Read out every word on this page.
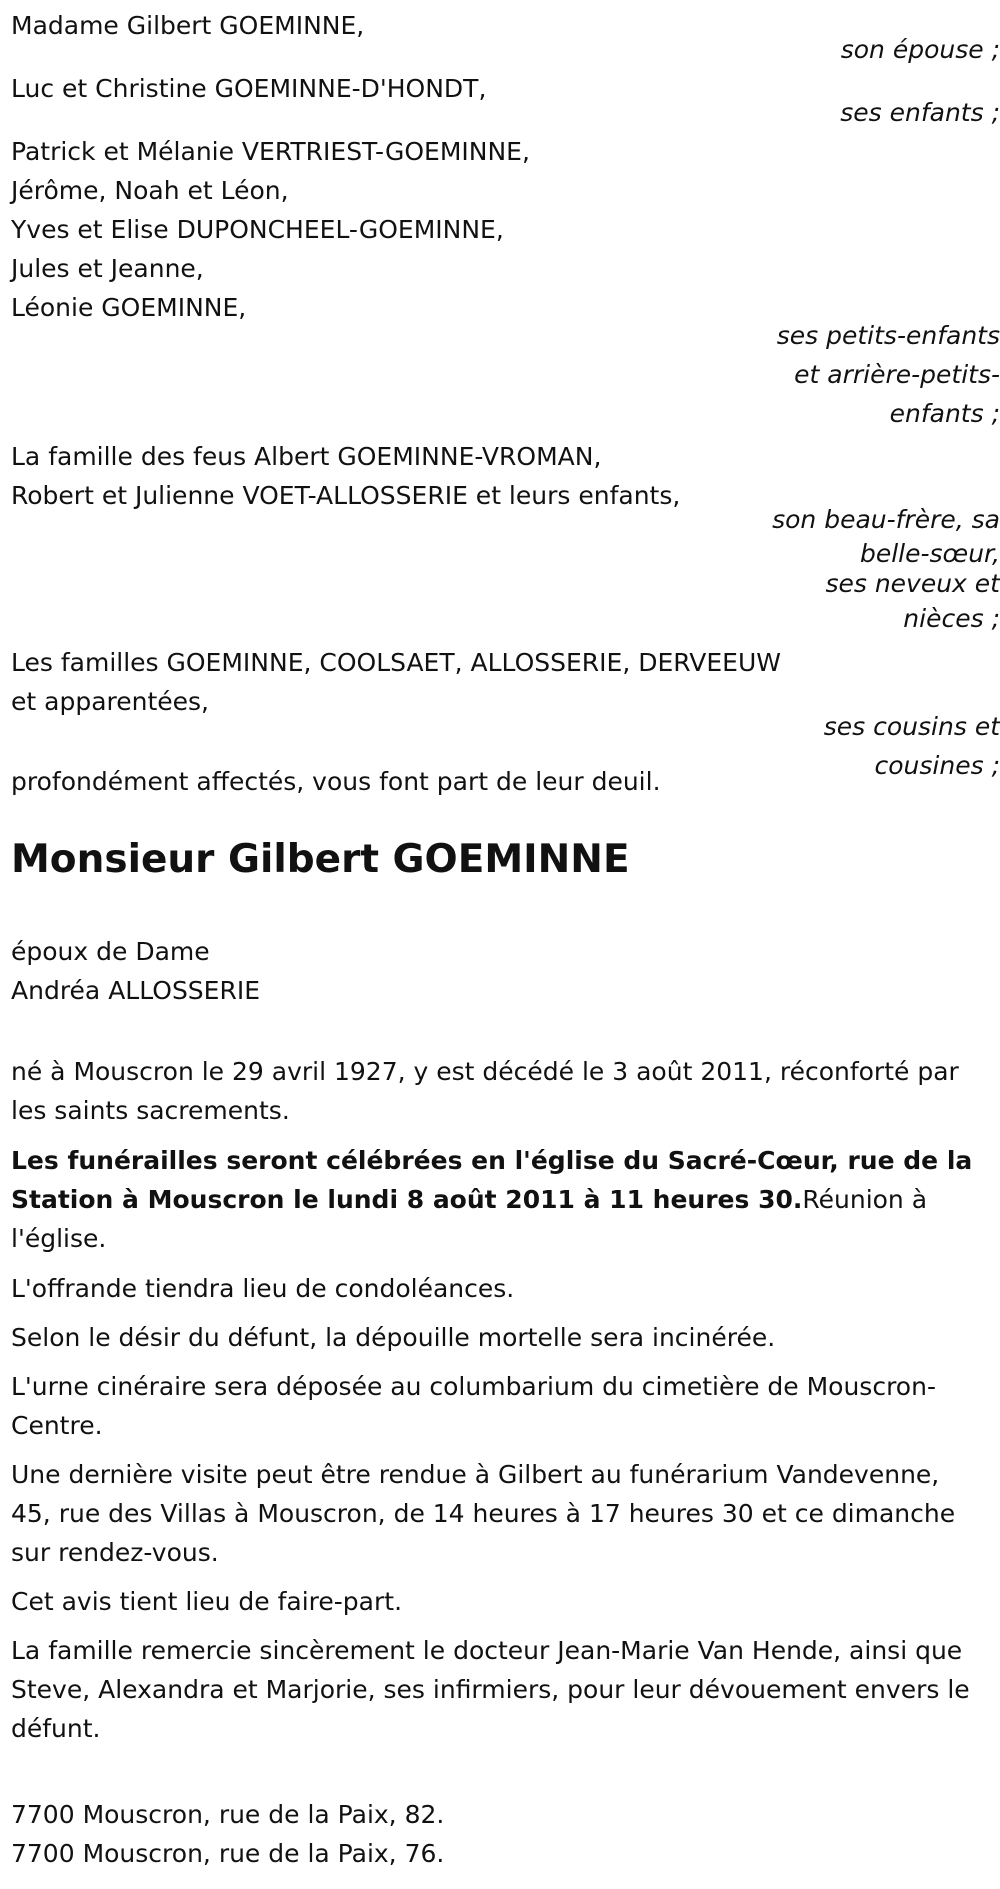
Madame Gilbert GOEMINNE,
son épouse ;
Luc et Christine GOEMINNE-D'HONDT,
ses enfants ;
Patrick et Mélanie VERTRIEST-GOEMINNE,
Jérôme, Noah et Léon,
Yves et Elise DUPONCHEEL-GOEMINNE,
Jules et Jeanne,
Léonie GOEMINNE,
ses petits-enfants
et arrière-petits-
enfants ;
La famille des feus Albert GOEMINNE-VROMAN,
Robert et Julienne VOET-ALLOSSERIE et leurs enfants,
son beau-frère, sa
belle-sœur,
ses neveux et
nièces ;
Les familles GOEMINNE, COOLSAET, ALLOSSERIE, DERVEEUW
et apparentées,
ses cousins et
cousines ;
profondément affectés, vous font part de leur deuil.
Monsieur Gilbert GOEMINNE
époux de Dame
Andréa ALLOSSERIE
né à Mouscron le 29 avril 1927, y est décédé le 3 août 2011, réconforté par les saints sacrements.
Les funérailles seront célébrées en l'église du Sacré-Cœur, rue de la Station à Mouscron le lundi 8 août 2011 à 11 heures 30.Réunion à l'église.
L'offrande tiendra lieu de condoléances.
Selon le désir du défunt, la dépouille mortelle sera incinérée.
L'urne cinéraire sera déposée au columbarium du cimetière de Mouscron-Centre.
Une dernière visite peut être rendue à Gilbert au funérarium Vandevenne, 45, rue des Villas à Mouscron, de 14 heures à 17 heures 30 et ce dimanche sur rendez-vous.
Cet avis tient lieu de faire-part.
La famille remercie sincèrement le docteur Jean-Marie Van Hende, ainsi que Steve, Alexandra et Marjorie, ses infirmiers, pour leur dévouement envers le défunt.
7700 Mouscron, rue de la Paix, 82.
7700 Mouscron, rue de la Paix, 76.
